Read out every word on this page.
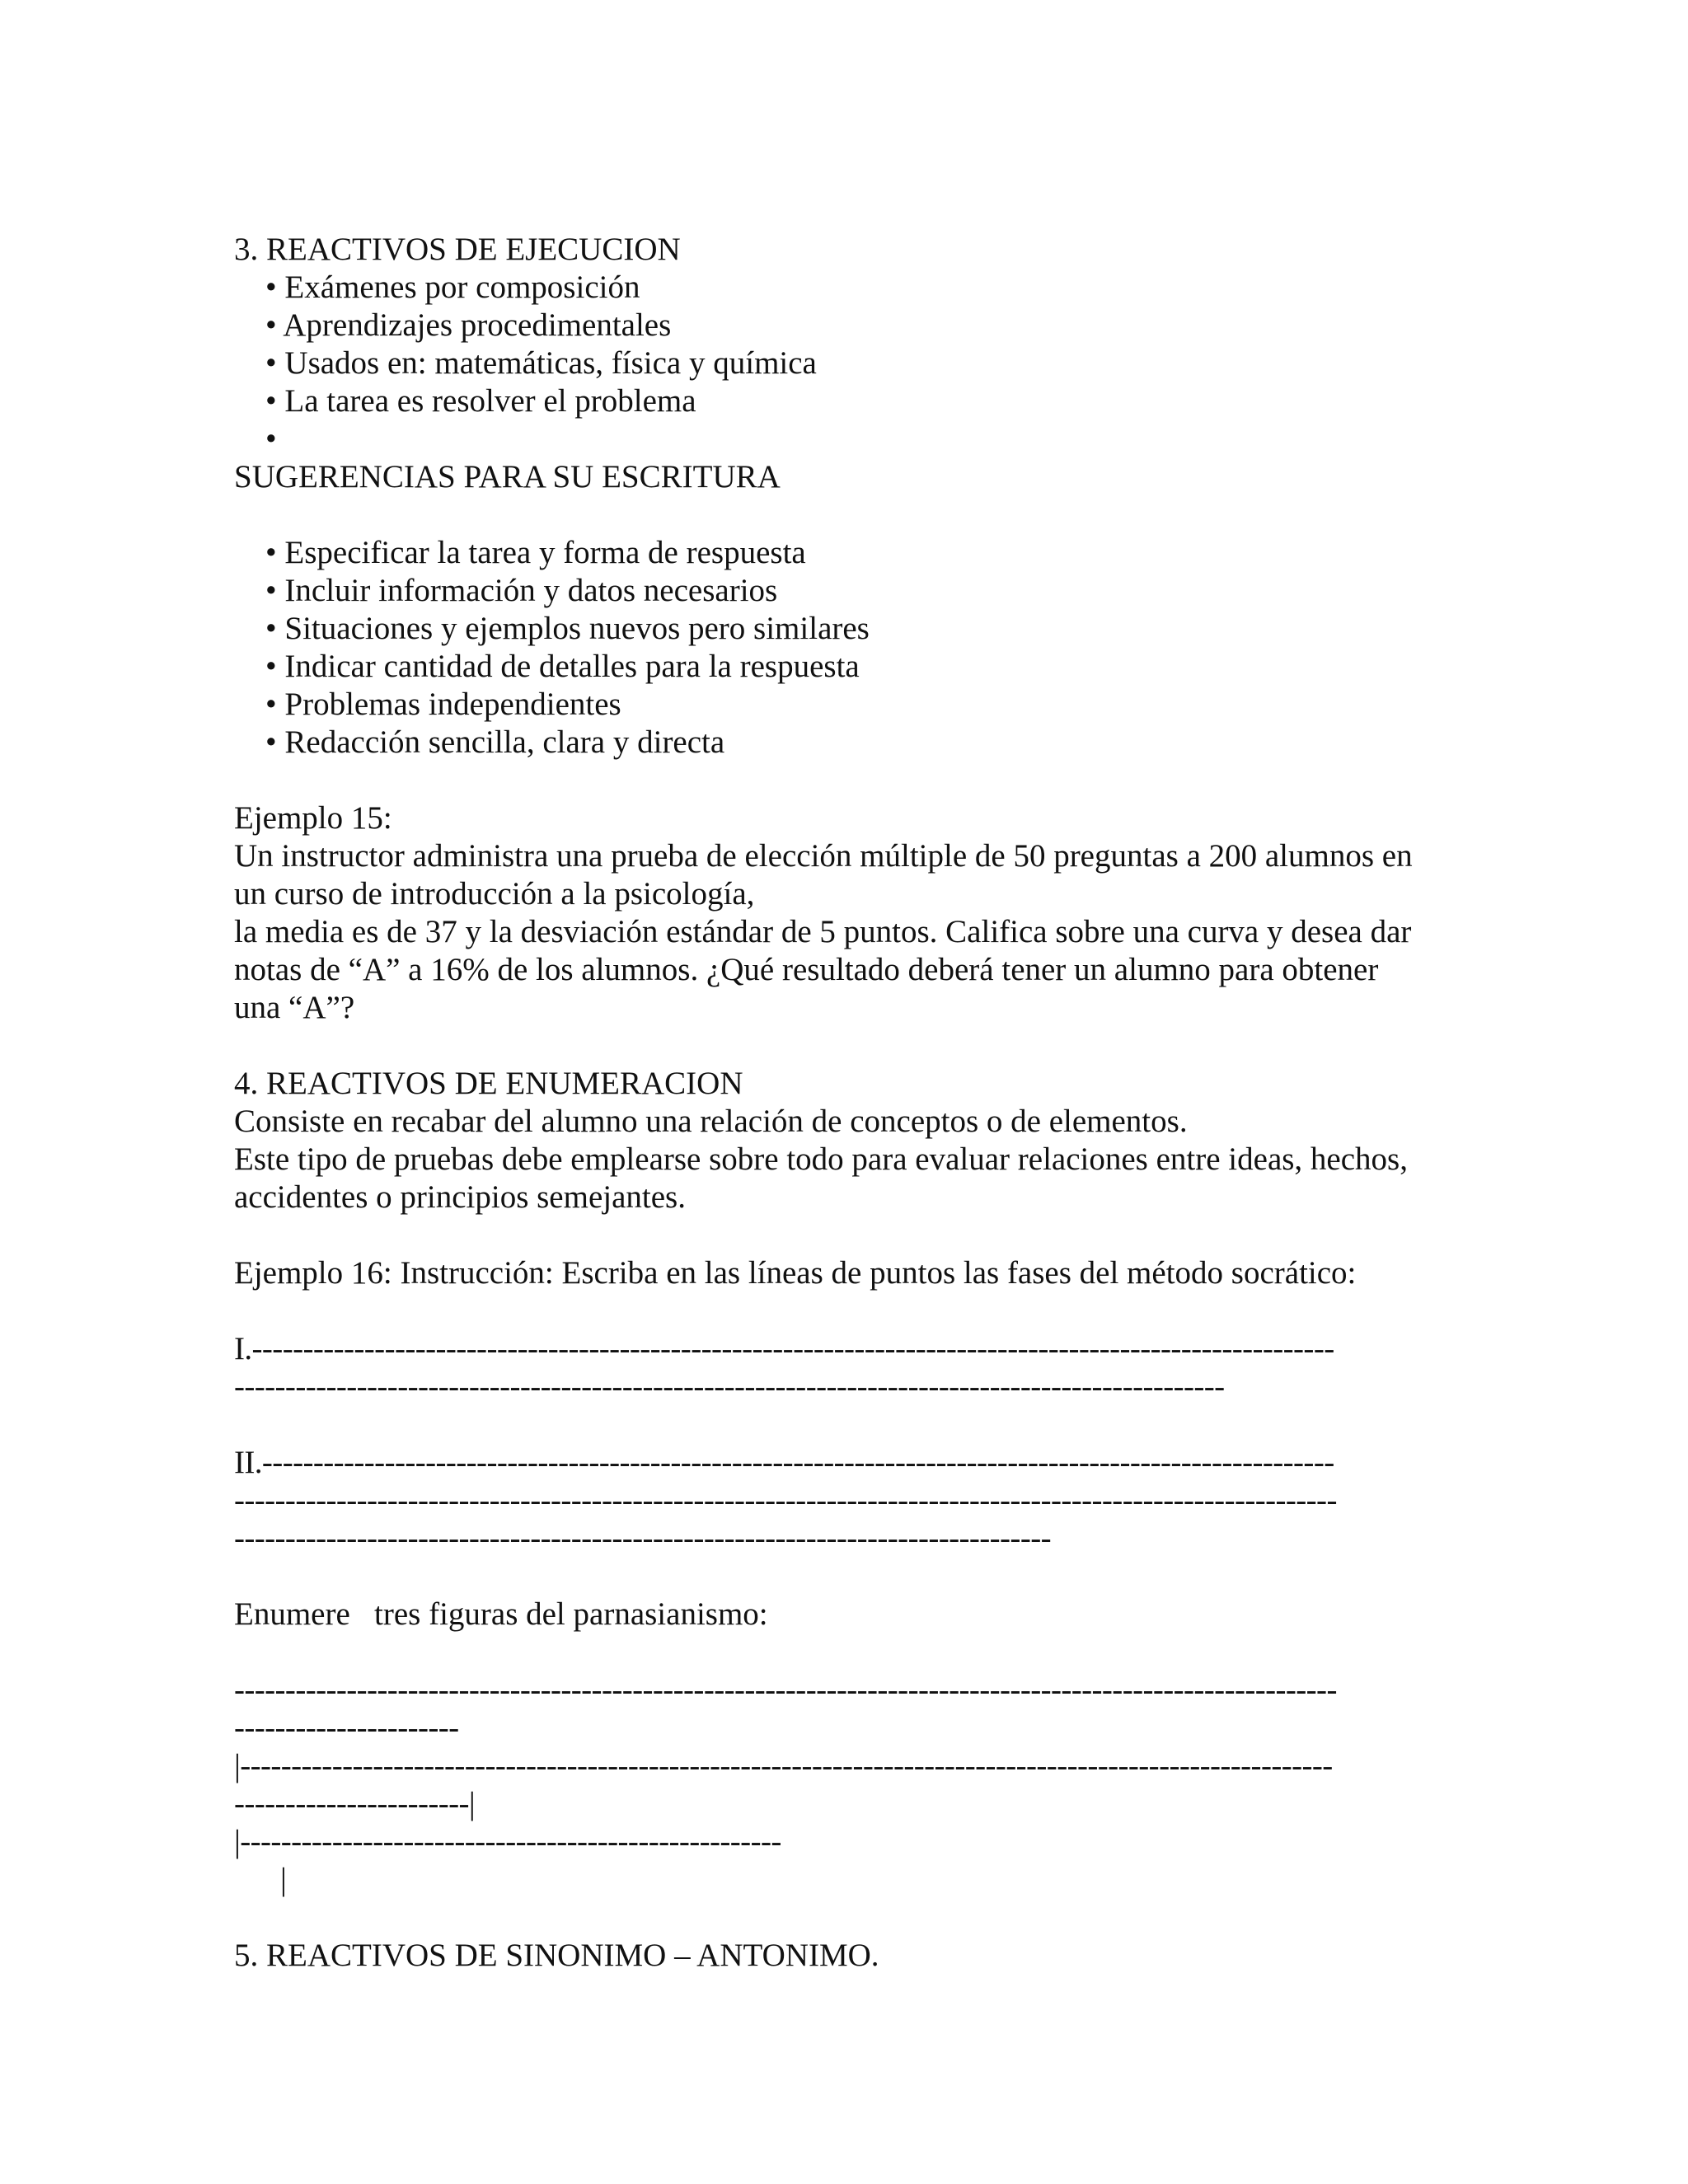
3. REACTIVOS DE EJECUCION
• Exámenes por composición
• Aprendizajes procedimentales
• Usados en: matemáticas, física y química
• La tarea es resolver el problema
•
SUGERENCIAS PARA SU ESCRITURA
• Especificar la tarea y forma de respuesta
• Incluir información y datos necesarios
• Situaciones y ejemplos nuevos pero similares
• Indicar cantidad de detalles para la respuesta
• Problemas independientes
• Redacción sencilla, clara y directa
Ejemplo 15:
Un instructor administra una prueba de elección múltiple de 50 preguntas a 200 alumnos en
un curso de introducción a la psicología,
la media es de 37 y la desviación estándar de 5 puntos. Califica sobre una curva y desea dar
notas de “A” a 16% de los alumnos. ¿Qué resultado deberá tener un alumno para obtener
una “A”?
4. REACTIVOS DE ENUMERACION
Consiste en recabar del alumno una relación de conceptos o de elementos.
Este tipo de pruebas debe emplearse sobre todo para evaluar relaciones entre ideas, hechos,
accidentes o principios semejantes.
Ejemplo 16: Instrucción: Escriba en las líneas de puntos las fases del método socrático:
I.----------------------------------------------------------------------------------------------------------
-------------------------------------------------------------------------------------------------
II.---------------------------------------------------------------------------------------------------------
------------------------------------------------------------------------------------------------------------
--------------------------------------------------------------------------------
Enumere   tres figuras del parnasianismo:
------------------------------------------------------------------------------------------------------------
----------------------
|-----------------------------------------------------------------------------------------------------------
-----------------------|
|-----------------------------------------------------
|
5. REACTIVOS DE SINONIMO – ANTONIMO.
